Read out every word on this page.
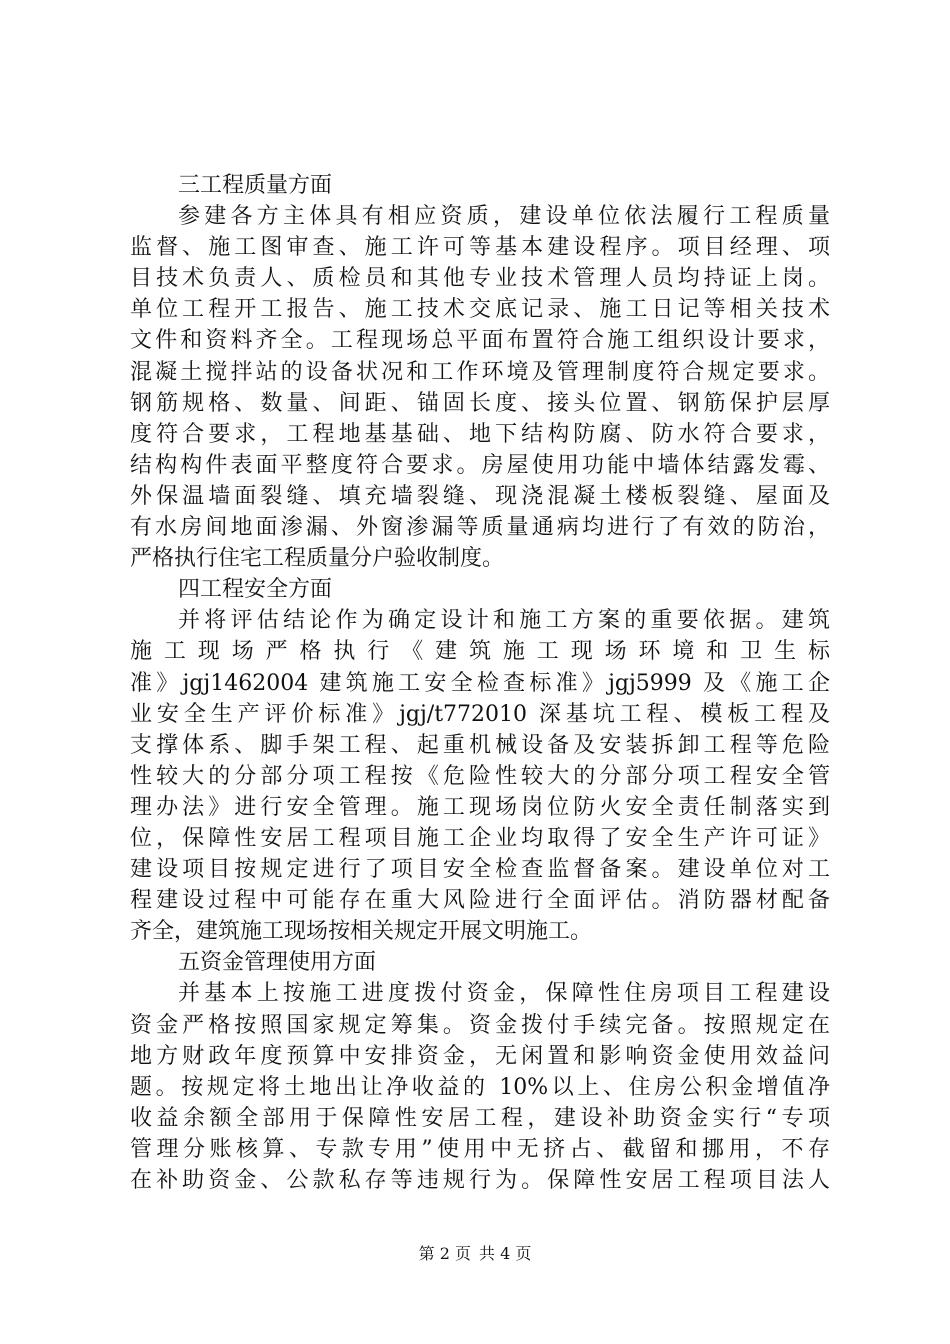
三工程质量方面
参建各方主体具有相应资质，建设单位依法履行工程质量
监督、施工图审查、施工许可等基本建设程序。项目经理、项
目技术负责人、质检员和其他专业技术管理人员均持证上岗。
单位工程开工报告、施工技术交底记录、施工日记等相关技术
文件和资料齐全。工程现场总平面布置符合施工组织设计要求，
混凝土搅拌站的设备状况和工作环境及管理制度符合规定要求。
钢筋规格、数量、间距、锚固长度、接头位置、钢筋保护层厚
度符合要求，工程地基基础、地下结构防腐、防水符合要求，
结构构件表面平整度符合要求。房屋使用功能中墙体结露发霉、
外保温墙面裂缝、填充墙裂缝、现浇混凝土楼板裂缝、屋面及
有水房间地面渗漏、外窗渗漏等质量通病均进行了有效的防治，
严格执行住宅工程质量分户验收制度。
四工程安全方面
并将评估结论作为确定设计和施工方案的重要依据。建筑
施工现场严格执行《建筑施工现场环境和卫生标
准》jgj1462004 建筑施工安全检查标准》jgj5999 及《施工企
业安全生产评价标准》jgj/t772010 深基坑工程、模板工程及
支撑体系、脚手架工程、起重机械设备及安装拆卸工程等危险
性较大的分部分项工程按《危险性较大的分部分项工程安全管
理办法》进行安全管理。施工现场岗位防火安全责任制落实到
位，保障性安居工程项目施工企业均取得了安全生产许可证》
建设项目按规定进行了项目安全检查监督备案。建设单位对工
程建设过程中可能存在重大风险进行全面评估。消防器材配备
齐全，建筑施工现场按相关规定开展文明施工。
五资金管理使用方面
并基本上按施工进度拨付资金，保障性住房项目工程建设
资金严格按照国家规定筹集。资金拨付手续完备。按照规定在
地方财政年度预算中安排资金，无闲置和影响资金使用效益问
题。按规定将土地出让净收益的 10%以上、住房公积金增值净
收益余额全部用于保障性安居工程，建设补助资金实行“专项
管理分账核算、专款专用”使用中无挤占、截留和挪用，不存
在补助资金、公款私存等违规行为。保障性安居工程项目法人
第 2 页 共 4 页
